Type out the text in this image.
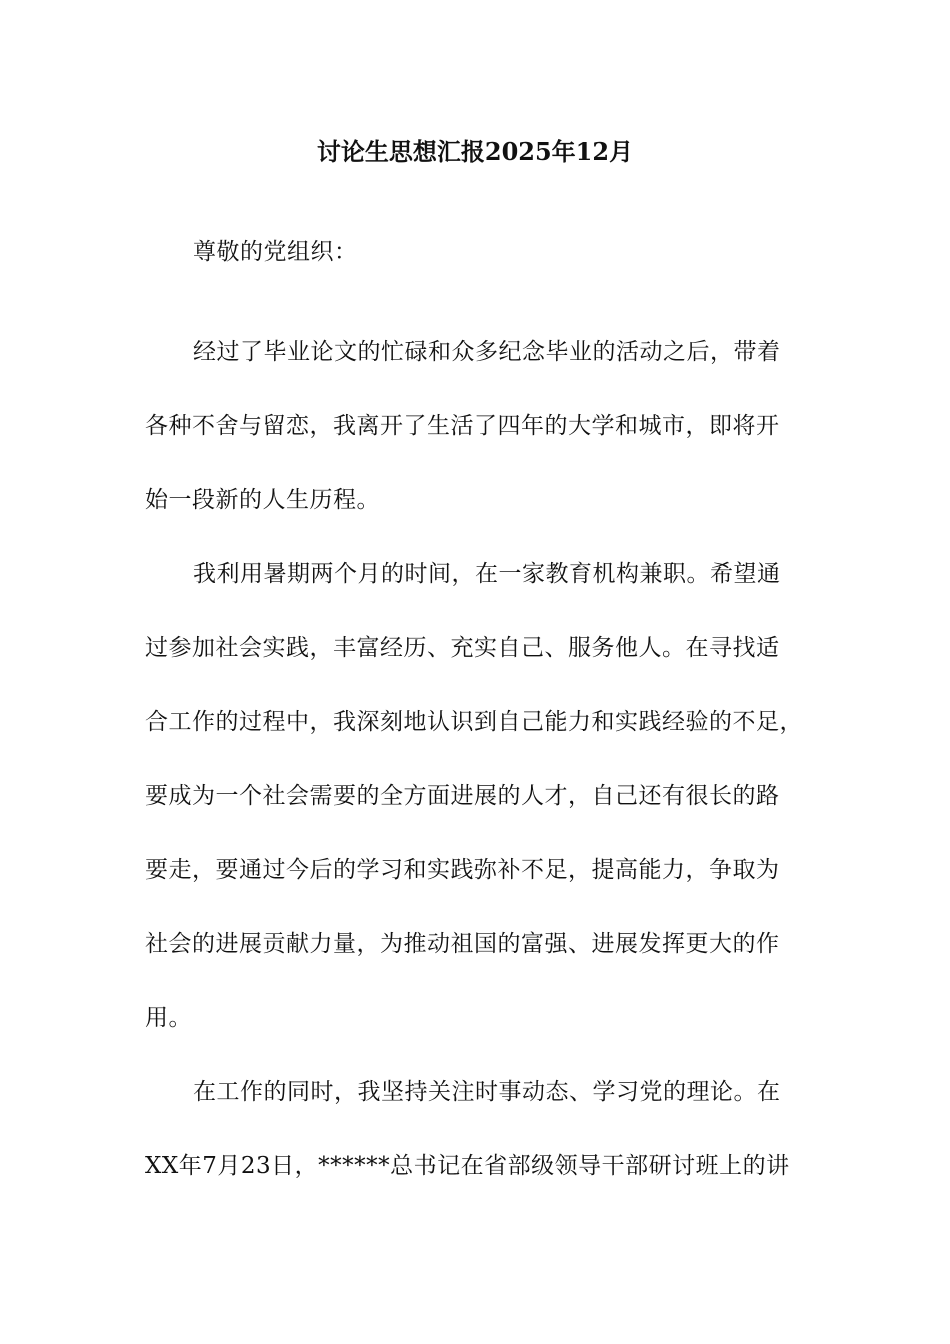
讨论生思想汇报2025年12月
尊敬的党组织：
经过了毕业论文的忙碌和众多纪念毕业的活动之后，带着
各种不舍与留恋，我离开了生活了四年的大学和城市，即将开
始一段新的人生历程。
我利用暑期两个月的时间，在一家教育机构兼职。希望通
过参加社会实践，丰富经历、充实自己、服务他人。在寻找适
合工作的过程中，我深刻地认识到自己能力和实践经验的不足，
要成为一个社会需要的全方面进展的人才，自己还有很长的路
要走，要通过今后的学习和实践弥补不足，提高能力，争取为
社会的进展贡献力量，为推动祖国的富强、进展发挥更大的作
用。
在工作的同时，我坚持关注时事动态、学习党的理论。在
XX年7月23日，******总书记在省部级领导干部研讨班上的讲
